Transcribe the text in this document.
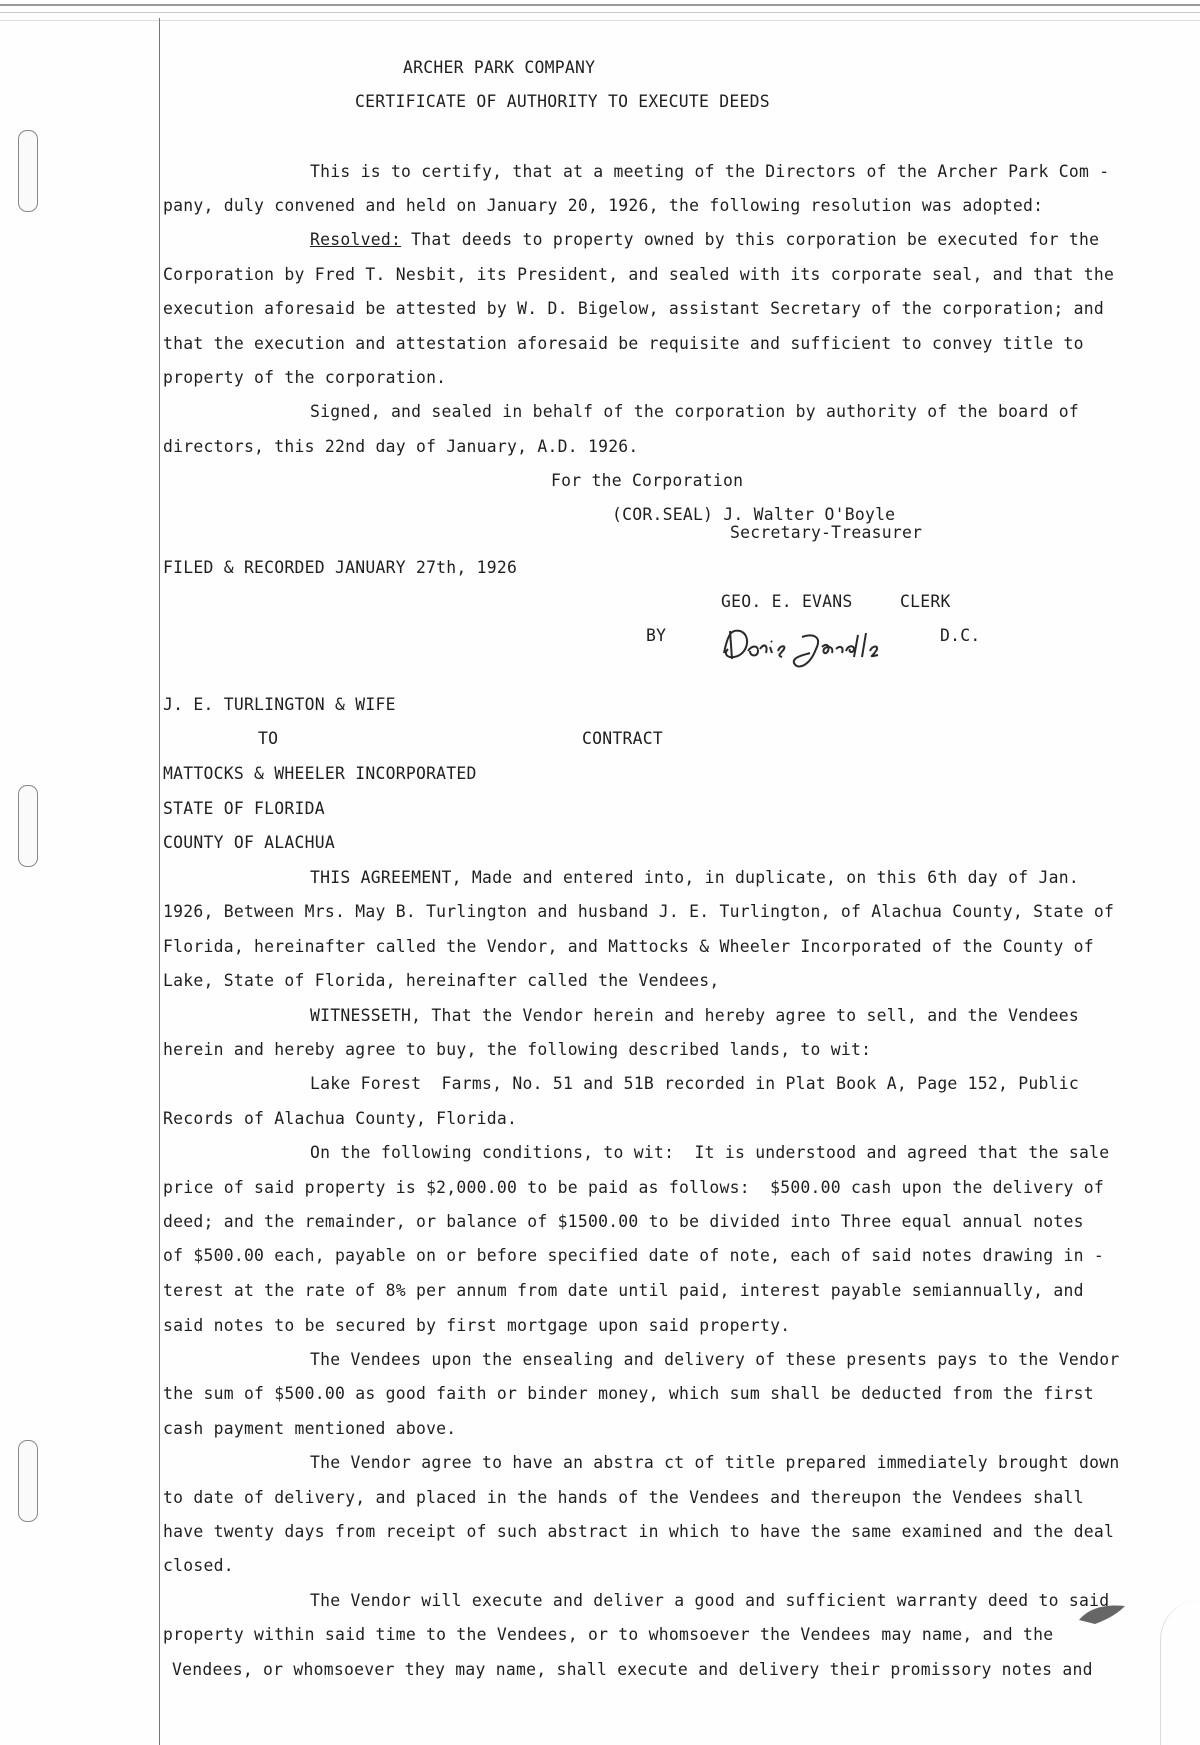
ARCHER PARK COMPANY
CERTIFICATE OF AUTHORITY TO EXECUTE DEEDS
This is to certify, that at a meeting of the Directors of the Archer Park Com -
pany, duly convened and held on January 20, 1926, the following resolution was adopted:
Resolved: That deeds to property owned by this corporation be executed for the
Corporation by Fred T. Nesbit, its President, and sealed with its corporate seal, and that the
execution aforesaid be attested by W. D. Bigelow, assistant Secretary of the corporation; and
that the execution and attestation aforesaid be requisite and sufficient to convey title to
property of the corporation.
Signed, and sealed in behalf of the corporation by authority of the board of
directors, this 22nd day of January, A.D. 1926.
For the Corporation
(COR.SEAL) J. Walter O'Boyle
Secretary-Treasurer
FILED & RECORDED JANUARY 27th, 1926
GEO. E. EVANS	CLERK
BY	D.C.
J. E. TURLINGTON & WIFE
TO	CONTRACT
MATTOCKS & WHEELER INCORPORATED
STATE OF FLORIDA
COUNTY OF ALACHUA
THIS AGREEMENT, Made and entered into, in duplicate, on this 6th day of Jan.
1926, Between Mrs. May B. Turlington and husband J. E. Turlington, of Alachua County, State of
Florida, hereinafter called the Vendor, and Mattocks & Wheeler Incorporated of the County of
Lake, State of Florida, hereinafter called the Vendees,
WITNESSETH, That the Vendor herein and hereby agree to sell, and the Vendees
herein and hereby agree to buy, the following described lands, to wit:
Lake Forest  Farms, No. 51 and 51B recorded in Plat Book A, Page 152, Public
Records of Alachua County, Florida.
On the following conditions, to wit:  It is understood and agreed that the sale
price of said property is $2,000.00 to be paid as follows:  $500.00 cash upon the delivery of
deed; and the remainder, or balance of $1500.00 to be divided into Three equal annual notes
of $500.00 each, payable on or before specified date of note, each of said notes drawing in -
terest at the rate of 8% per annum from date until paid, interest payable semiannually, and
said notes to be secured by first mortgage upon said property.
The Vendees upon the ensealing and delivery of these presents pays to the Vendor
the sum of $500.00 as good faith or binder money, which sum shall be deducted from the first
cash payment mentioned above.
The Vendor agree to have an abstra ct of title prepared immediately brought down
to date of delivery, and placed in the hands of the Vendees and thereupon the Vendees shall
have twenty days from receipt of such abstract in which to have the same examined and the deal
closed.
The Vendor will execute and deliver a good and sufficient warranty deed to said
property within said time to the Vendees, or to whomsoever the Vendees may name, and the
Vendees, or whomsoever they may name, shall execute and delivery their promissory notes and
